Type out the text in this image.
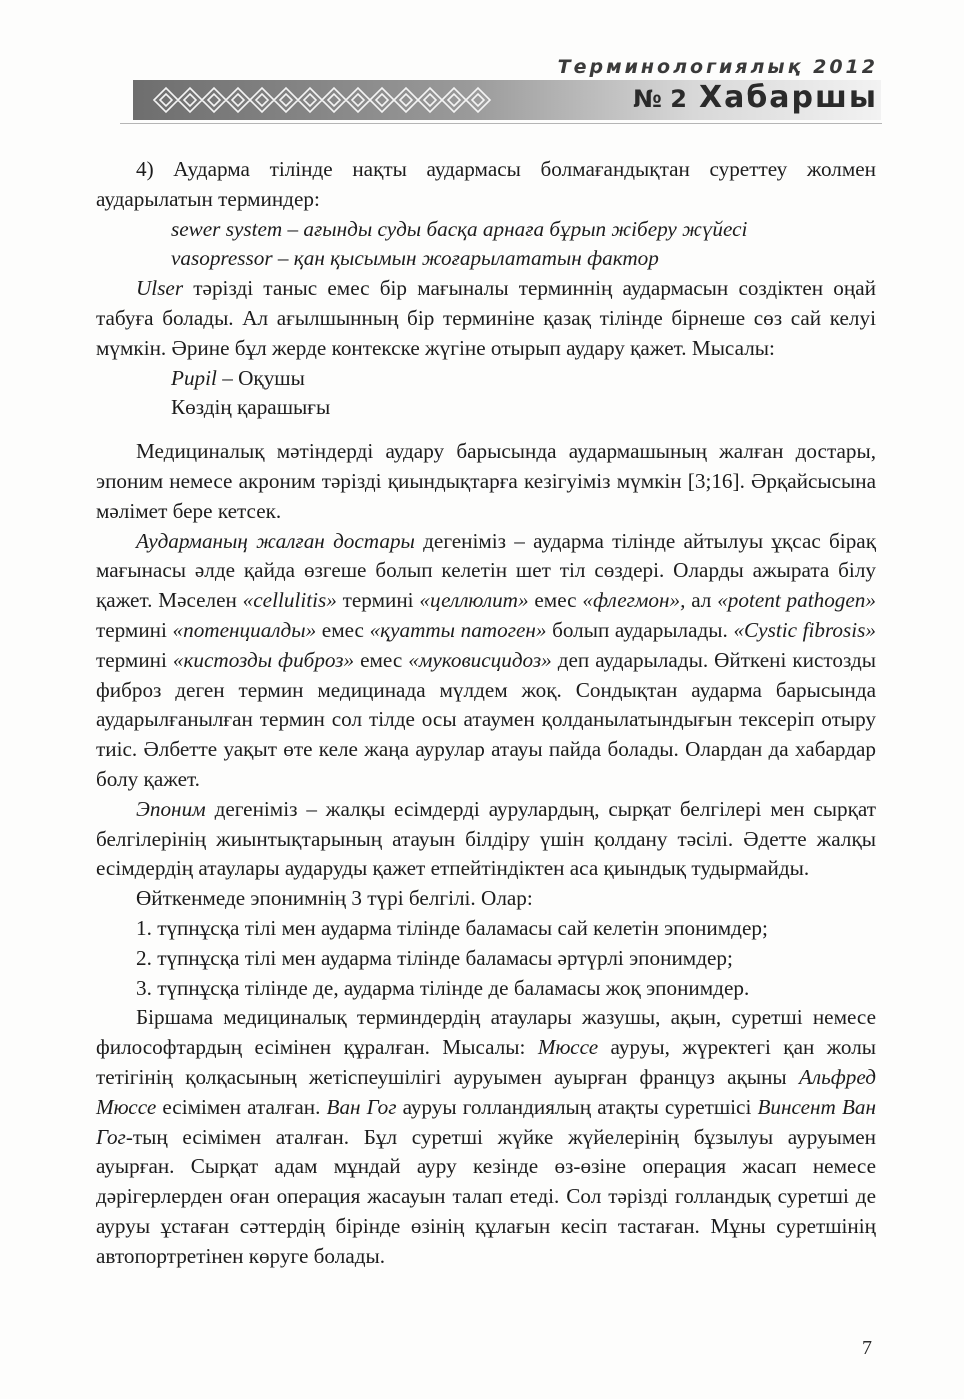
Терминологиялық 2012
№ 2 Хабаршы

4) Аударма тілінде нақты аудармасы болмағандықтан суреттеу жолмен аударылатын терминдер:

sewer system – ағынды суды басқа арнаға бұрып жіберу жүйесі

vasopressor – қан қысымын жоғарылататын фактор

Ulser тәрізді таныс емес бір мағыналы терминнің аудармасын создіктен оңай табуға болады. Ал ағылшынның бір терминіне қазақ тілінде бірнеше сөз сай келуі мүмкін. Әрине бұл жерде контекске жүгіне отырып аудару қажет. Мысалы:

Pupil – Оқушы

Көздің қарашығы

Медициналық мәтіндерді аудару барысында аудармашының жалған достары, эпоним немесе акроним тәрізді қиындықтарға кезігуіміз мүмкін [3;16]. Әрқайсысына мәлімет бере кетсек.

Аударманың жалған достары дегеніміз – аударма тілінде айтылуы ұқсас бірақ мағынасы әлде қайда өзгеше болып келетін шет тіл сөздері. Оларды ажырата білу қажет. Мәселен «cellulitis» термині «целлюлит» емес «флегмон», ал «potent pathogen» термині «потенциалды» емес «қуатты патоген» болып аударылады. «Cystic fibrosis» термині «кистозды фиброз» емес «муковисцидоз» деп аударылады. Өйткені кистозды фиброз деген термин медицинада мүлдем жоқ. Сондықтан аударма барысында аударылғанылған термин сол тілде осы атаумен қолданылатындығын тексеріп отыру тиіс. Әлбетте уақыт өте келе жаңа аурулар атауы пайда болады. Олардан да хабардар болу қажет.

Эпоним дегеніміз – жалқы есімдерді аурулардың, сырқат белгілері мен сырқат белгілерінің жиынтықтарының атауын білдіру үшін қолдану тәсілі. Әдетте жалқы есімдердің атаулары аударуды қажет етпейтіндіктен аса қиындық тудырмайды.

Өйткенмеде эпонимнің 3 түрі белгілі. Олар:

1. түпнұсқа тілі мен аударма тілінде баламасы сай келетін эпонимдер;

2. түпнұсқа тілі мен аударма тілінде баламасы әртүрлі эпонимдер;

3. түпнұсқа тілінде де, аударма тілінде де баламасы жоқ эпонимдер.

Біршама медициналық терминдердің атаулары жазушы, ақын, суретші немесе философтардың есімінен құралған. Мысалы: Мюссе ауруы, жүректегі қан жолы тетігінің қолқасының жетіспеушілігі ауруымен ауырған француз ақыны Альфред Мюссе есімімен аталған. Ван Гог ауруы голландиялың атақты суретшісі Винсент Ван Гог-тың есімімен аталған. Бұл суретші жүйке жүйелерінің бұзылуы ауруымен ауырған. Сырқат адам мұндай ауру кезінде өз-өзіне операция жасап немесе дәрігерлерден оған операция жасауын талап етеді. Сол тәрізді голландық суретші де ауруы ұстаған сәттердің бірінде өзінің құлағын кесіп тастаған. Мұны суретшінің автопортретінен көруге болады.

7
